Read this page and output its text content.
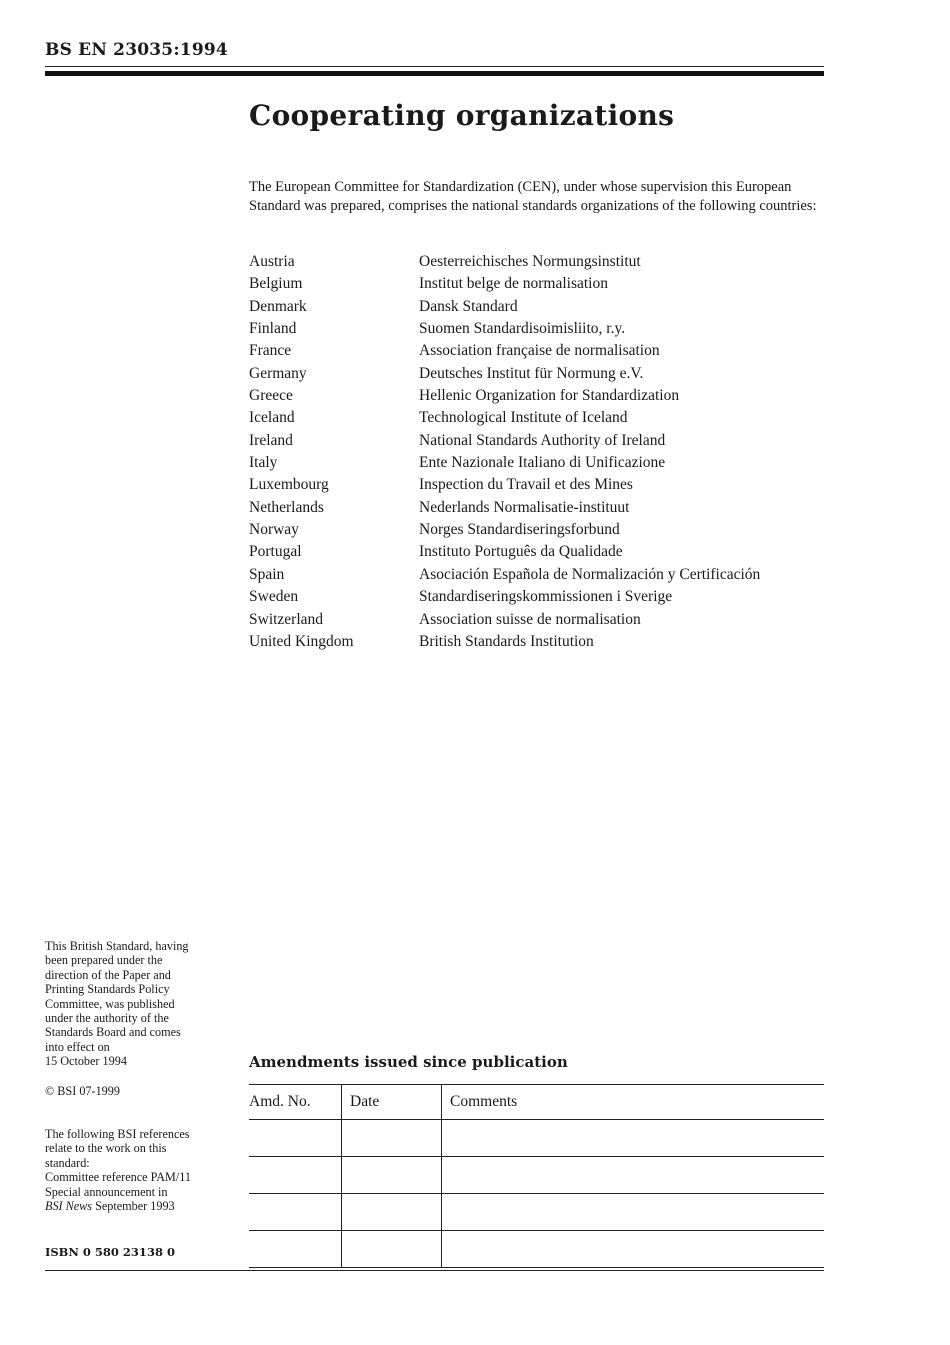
BS EN 23035:1994
Cooperating organizations
The European Committee for Standardization (CEN), under whose supervision this European Standard was prepared, comprises the national standards organizations of the following countries:
Austria	Oesterreichisches Normungsinstitut
Belgium	Institut belge de normalisation
Denmark	Dansk Standard
Finland	Suomen Standardisoimisliito, r.y.
France	Association française de normalisation
Germany	Deutsches Institut für Normung e.V.
Greece	Hellenic Organization for Standardization
Iceland	Technological Institute of Iceland
Ireland	National Standards Authority of Ireland
Italy	Ente Nazionale Italiano di Unificazione
Luxembourg	Inspection du Travail et des Mines
Netherlands	Nederlands Normalisatie-instituut
Norway	Norges Standardiseringsforbund
Portugal	Instituto Português da Qualidade
Spain	Asociación Española de Normalización y Certificación
Sweden	Standardiseringskommissionen i Sverige
Switzerland	Association suisse de normalisation
United Kingdom	British Standards Institution
This British Standard, having
been prepared under the
direction of the Paper and
Printing Standards Policy
Committee, was published
under the authority of the
Standards Board and comes
into effect on
15 October 1994
© BSI 07-1999
The following BSI references
relate to the work on this
standard:
Committee reference PAM/11
Special announcement in
BSI News September 1993
ISBN 0 580 23138 0
Amendments issued since publication
Amd. No.	Date	Comments
